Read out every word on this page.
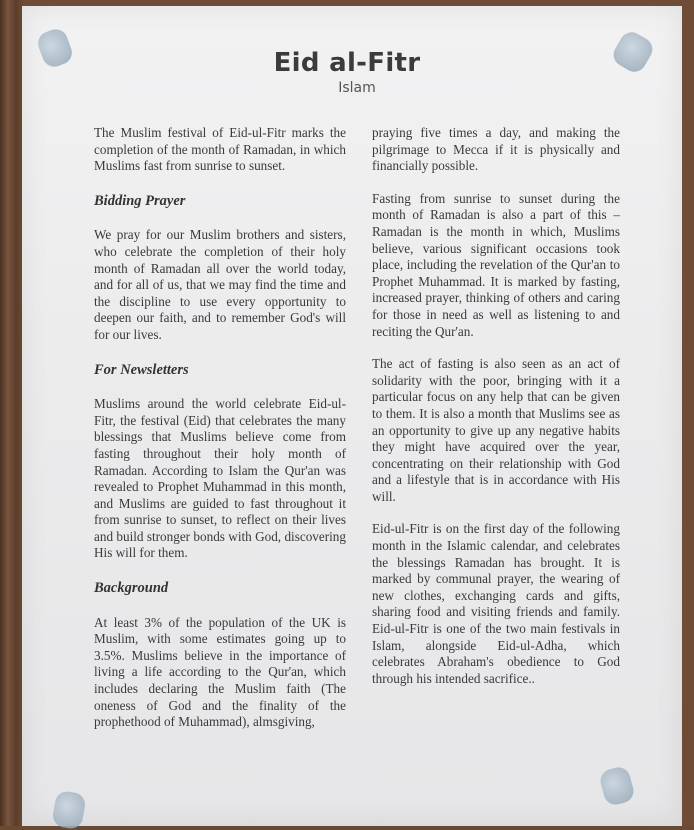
Eid al-Fitr
Islam

The Muslim festival of Eid-ul-Fitr marks the completion of the month of Ramadan, in which Muslims fast from sunrise to sunset.

Bidding Prayer

We pray for our Muslim brothers and sisters, who celebrate the completion of their holy month of Ramadan all over the world today, and for all of us, that we may find the time and the discipline to use every opportunity to deepen our faith, and to remember God's will for our lives.

For Newsletters

Muslims around the world celebrate Eid-ul-Fitr, the festival (Eid) that celebrates the many blessings that Muslims believe come from fasting throughout their holy month of Ramadan. According to Islam the Qur'an was revealed to Prophet Muhammad in this month, and Muslims are guided to fast throughout it from sunrise to sunset, to reflect on their lives and build stronger bonds with God, discovering His will for them.

Background

At least 3% of the population of the UK is Muslim, with some estimates going up to 3.5%. Muslims believe in the importance of living a life according to the Qur'an, which includes declaring the Muslim faith (The oneness of God and the finality of the prophethood of Muhammad), almsgiving,

praying five times a day, and making the pilgrimage to Mecca if it is physically and financially possible.

Fasting from sunrise to sunset during the month of Ramadan is also a part of this – Ramadan is the month in which, Muslims believe, various significant occasions took place, including the revelation of the Qur'an to Prophet Muhammad. It is marked by fasting, increased prayer, thinking of others and caring for those in need as well as listening to and reciting the Qur'an.

The act of fasting is also seen as an act of solidarity with the poor, bringing with it a particular focus on any help that can be given to them. It is also a month that Muslims see as an opportunity to give up any negative habits they might have acquired over the year, concentrating on their relationship with God and a lifestyle that is in accordance with His will.

Eid-ul-Fitr is on the first day of the following month in the Islamic calendar, and celebrates the blessings Ramadan has brought. It is marked by communal prayer, the wearing of new clothes, exchanging cards and gifts, sharing food and visiting friends and family. Eid-ul-Fitr is one of the two main festivals in Islam, alongside Eid-ul-Adha, which celebrates Abraham's obedience to God through his intended sacrifice..
